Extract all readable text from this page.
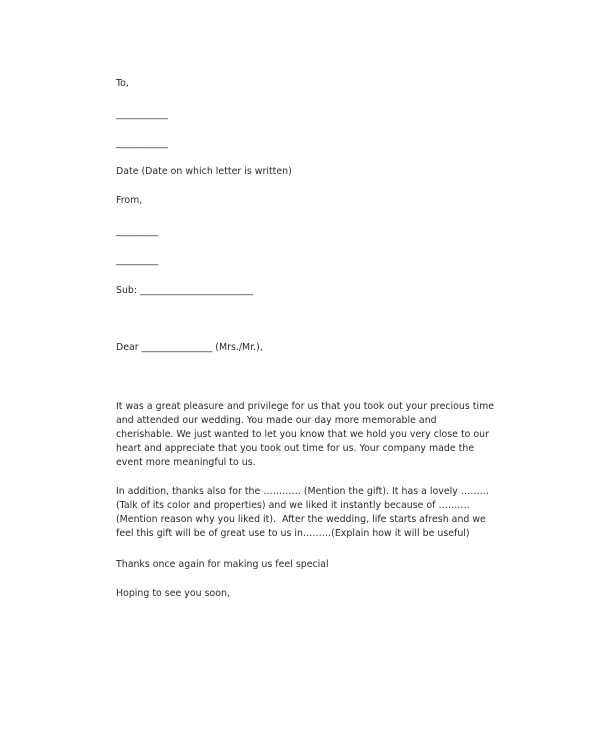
To,
___________
___________
Date (Date on which letter is written)
From,
_________
_________
Sub: ________________________
Dear _______________ (Mrs./Mr.),
It was a great pleasure and privilege for us that you took out your precious time
and attended our wedding. You made our day more memorable and
cherishable. We just wanted to let you know that we hold you very close to our
heart and appreciate that you took out time for us. Your company made the
event more meaningful to us.
In addition, thanks also for the ………… (Mention the gift). It has a lovely ………
(Talk of its color and properties) and we liked it instantly because of ……….
(Mention reason why you liked it).  After the wedding, life starts afresh and we
feel this gift will be of great use to us in………(Explain how it will be useful)
Thanks once again for making us feel special
Hoping to see you soon,
